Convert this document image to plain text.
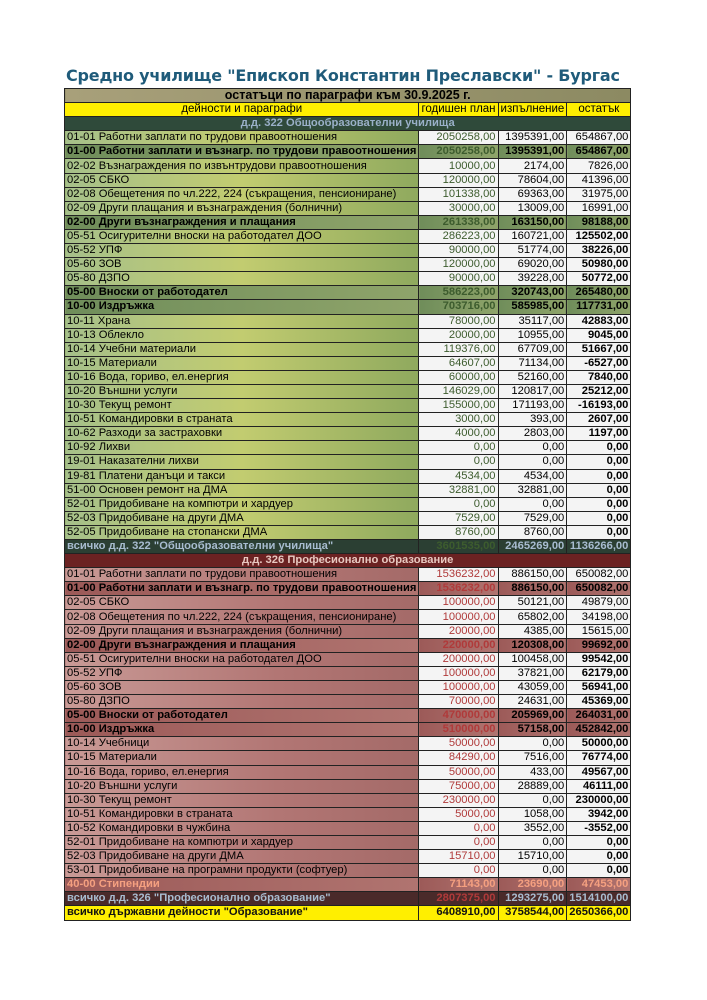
Средно училище "Епископ Константин Преславски" - Бургас
остатъци по параграфи към 30.9.2025 г.			
дейности и параграфи	годишен план	изпълнение	остатък
д.д. 322 Общообразователни училища			
01-01 Работни заплати по трудови правоотношения	2050258,00	1395391,00	654867,00
01-00 Работни заплати и възнагр. по трудови правоотношения	2050258,00	1395391,00	654867,00
02-02 Възнаграждения по извънтрудови правоотношения	10000,00	2174,00	7826,00
02-05 СБКО	120000,00	78604,00	41396,00
02-08 Обещетения по чл.222, 224 (съкращения, пенсиониране)	101338,00	69363,00	31975,00
02-09 Други плащания и възнаграждения (болнични)	30000,00	13009,00	16991,00
02-00 Други възнаграждения и плащания	261338,00	163150,00	98188,00
05-51 Осигурителни вноски на работодател ДОО	286223,00	160721,00	125502,00
05-52 УПФ	90000,00	51774,00	38226,00
05-60 ЗОВ	120000,00	69020,00	50980,00
05-80 ДЗПО	90000,00	39228,00	50772,00
05-00 Вноски от работодател	586223,00	320743,00	265480,00
10-00 Издръжка	703716,00	585985,00	117731,00
10-11 Храна	78000,00	35117,00	42883,00
10-13 Облекло	20000,00	10955,00	9045,00
10-14 Учебни материали	119376,00	67709,00	51667,00
10-15 Материали	64607,00	71134,00	-6527,00
10-16 Вода, гориво, ел.енергия	60000,00	52160,00	7840,00
10-20 Външни услуги	146029,00	120817,00	25212,00
10-30 Текущ ремонт	155000,00	171193,00	-16193,00
10-51 Командировки в страната	3000,00	393,00	2607,00
10-62 Разходи за застраховки	4000,00	2803,00	1197,00
10-92 Лихви	0,00	0,00	0,00
19-01 Наказателни лихви	0,00	0,00	0,00
19-81 Платени данъци и такси	4534,00	4534,00	0,00
51-00 Основен ремонт на ДМА	32881,00	32881,00	0,00
52-01 Придобиване на компютри и хардуер	0,00	0,00	0,00
52-03 Придобиване на други ДМА	7529,00	7529,00	0,00
52-05 Придобиване на стопански ДМА	8760,00	8760,00	0,00
всичко д.д. 322 "Общообразователни училища"	3601535,00	2465269,00	1136266,00
д.д. 326 Професионално образование			
01-01 Работни заплати по трудови правоотношения	1536232,00	886150,00	650082,00
01-00 Работни заплати и възнагр. по трудови правоотношения	1536232,00	886150,00	650082,00
02-05 СБКО	100000,00	50121,00	49879,00
02-08 Обещетения по чл.222, 224 (съкращения, пенсиониране)	100000,00	65802,00	34198,00
02-09 Други плащания и възнаграждения (болнични)	20000,00	4385,00	15615,00
02-00 Други възнаграждения и плащания	220000,00	120308,00	99692,00
05-51 Осигурителни вноски на работодател ДОО	200000,00	100458,00	99542,00
05-52 УПФ	100000,00	37821,00	62179,00
05-60 ЗОВ	100000,00	43059,00	56941,00
05-80 ДЗПО	70000,00	24631,00	45369,00
05-00 Вноски от работодател	470000,00	205969,00	264031,00
10-00 Издръжка	510000,00	57158,00	452842,00
10-14 Учебници	50000,00	0,00	50000,00
10-15 Материали	84290,00	7516,00	76774,00
10-16 Вода, гориво, ел.енергия	50000,00	433,00	49567,00
10-20 Външни услуги	75000,00	28889,00	46111,00
10-30 Текущ ремонт	230000,00	0,00	230000,00
10-51 Командировки в страната	5000,00	1058,00	3942,00
10-52 Командировки в чужбина	0,00	3552,00	-3552,00
52-01 Придобиване на компютри и хардуер	0,00	0,00	0,00
52-03 Придобиване на други ДМА	15710,00	15710,00	0,00
53-01 Придобиване на програмни продукти (софтуер)	0,00	0,00	0,00
40-00 Стипендии	71143,00	23690,00	47453,00
всичко д.д. 326 "Професионално образование"	2807375,00	1293275,00	1514100,00
всичко държавни дейности "Образование"	6408910,00	3758544,00	2650366,00
